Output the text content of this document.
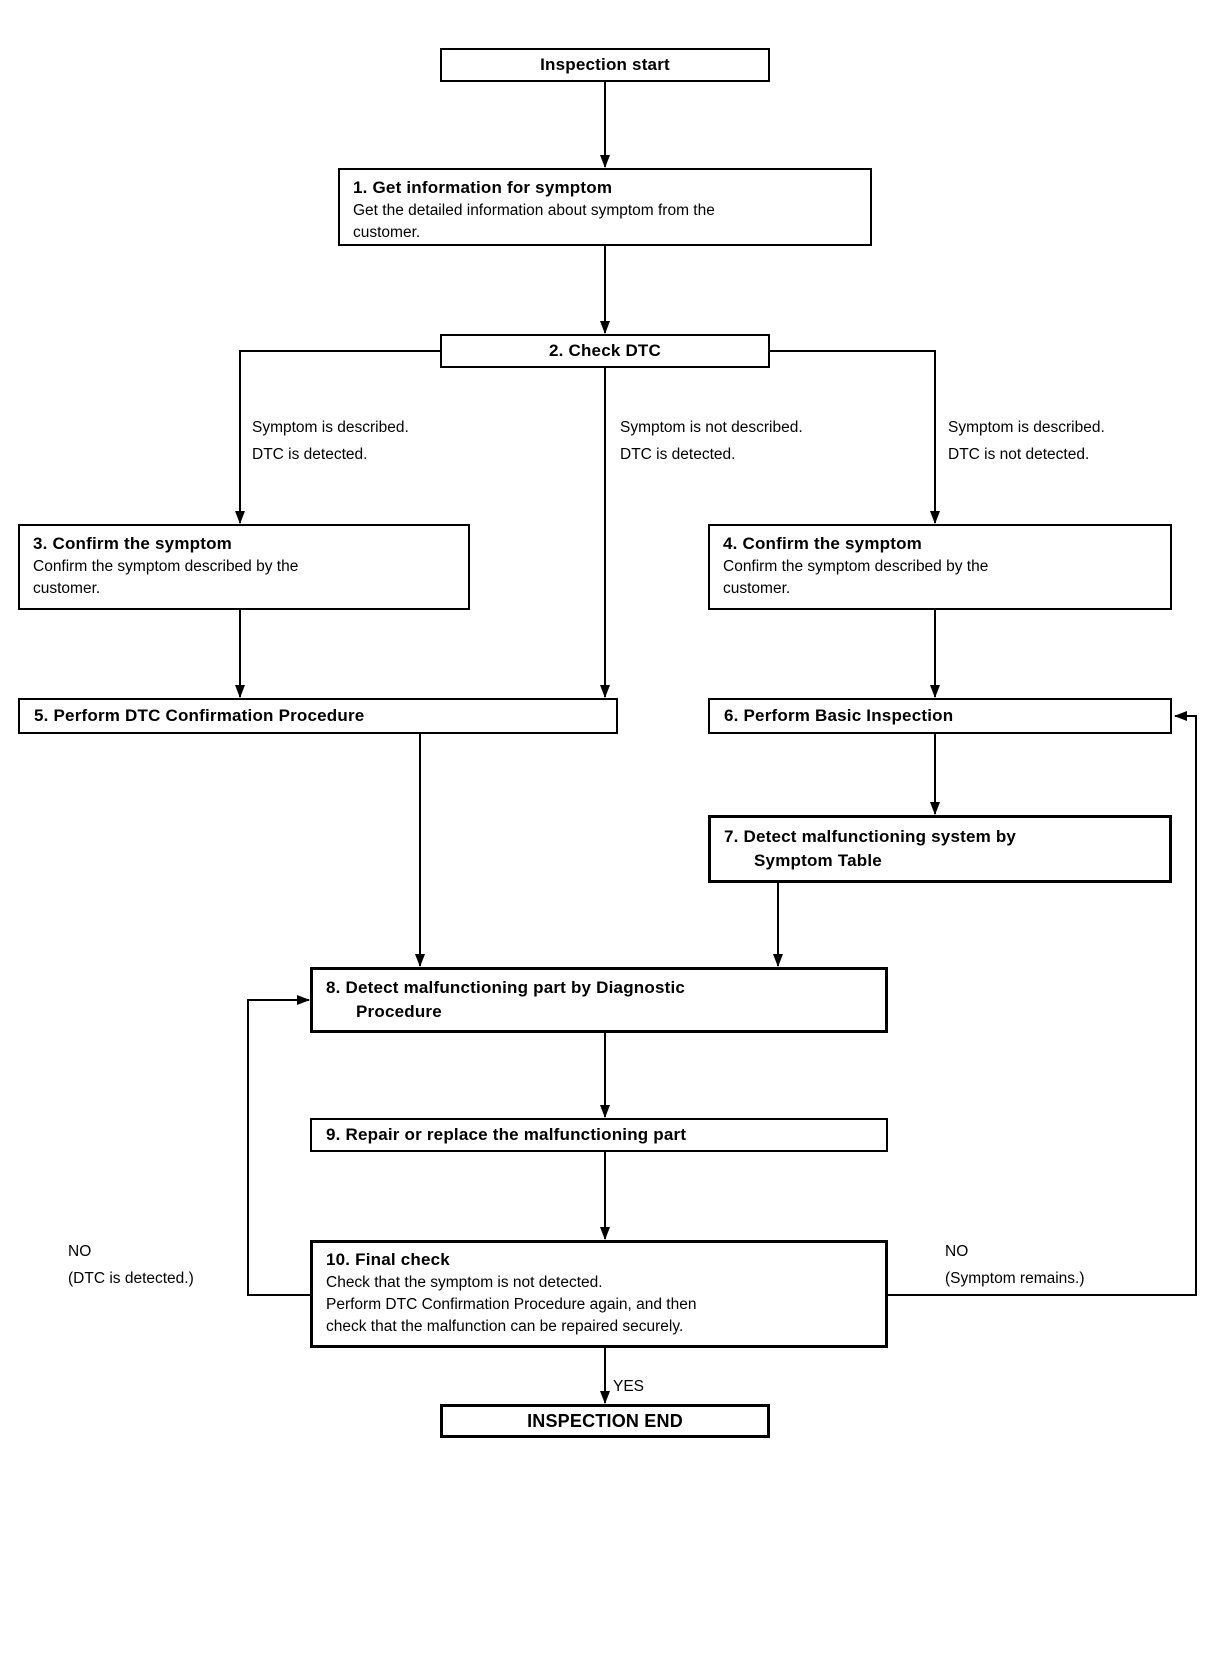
Inspection start
1. Get information for symptom
Get the detailed information about symptom from the
customer.
2. Check DTC
Symptom is described.
DTC is detected.
Symptom is not described.
DTC is detected.
Symptom is described.
DTC is not detected.
3. Confirm the symptom
Confirm the symptom described by the
customer.
4. Confirm the symptom
Confirm the symptom described by the
customer.
5. Perform DTC Confirmation Procedure	6. Perform Basic Inspection
7. Detect malfunctioning system by
Symptom Table
8. Detect malfunctioning part by Diagnostic
Procedure
9. Repair or replace the malfunctioning part
NO
(DTC is detected.)
NO
(Symptom remains.)
10. Final check
Check that the symptom is not detected.
Perform DTC Confirmation Procedure again, and then
check that the malfunction can be repaired securely.
YES
INSPECTION END
